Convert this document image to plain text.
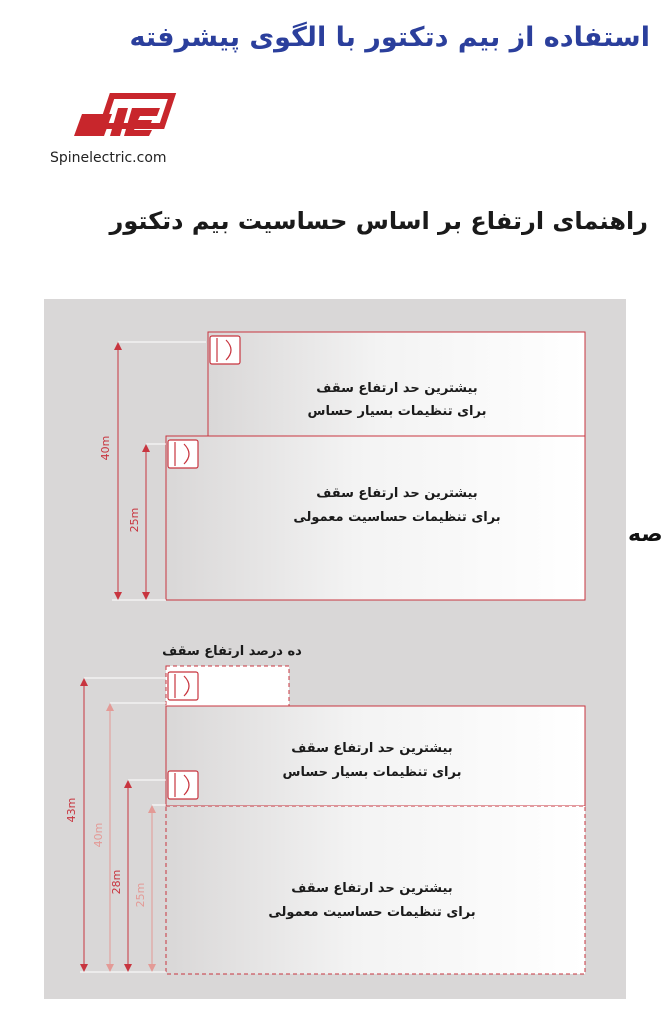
استفاده از بیم دتکتور با الگوی پیشرفته
Spinelectric.com
راهنمای ارتفاع بر اساس حساسیت بیم دتکتور
40m
25m
بیشترین حد ارتفاع سقف
برای تنظیمات بسیار حساس
بیشترین حد ارتفاع سقف
برای تنظیمات حساسیت معمولی
ده درصد ارتفاع سقف
43m
40m
28m
25m
بیشترین حد ارتفاع سقف
برای تنظیمات بسیار حساس
بیشترین حد ارتفاع سقف
برای تنظیمات حساسیت معمولی
صه
